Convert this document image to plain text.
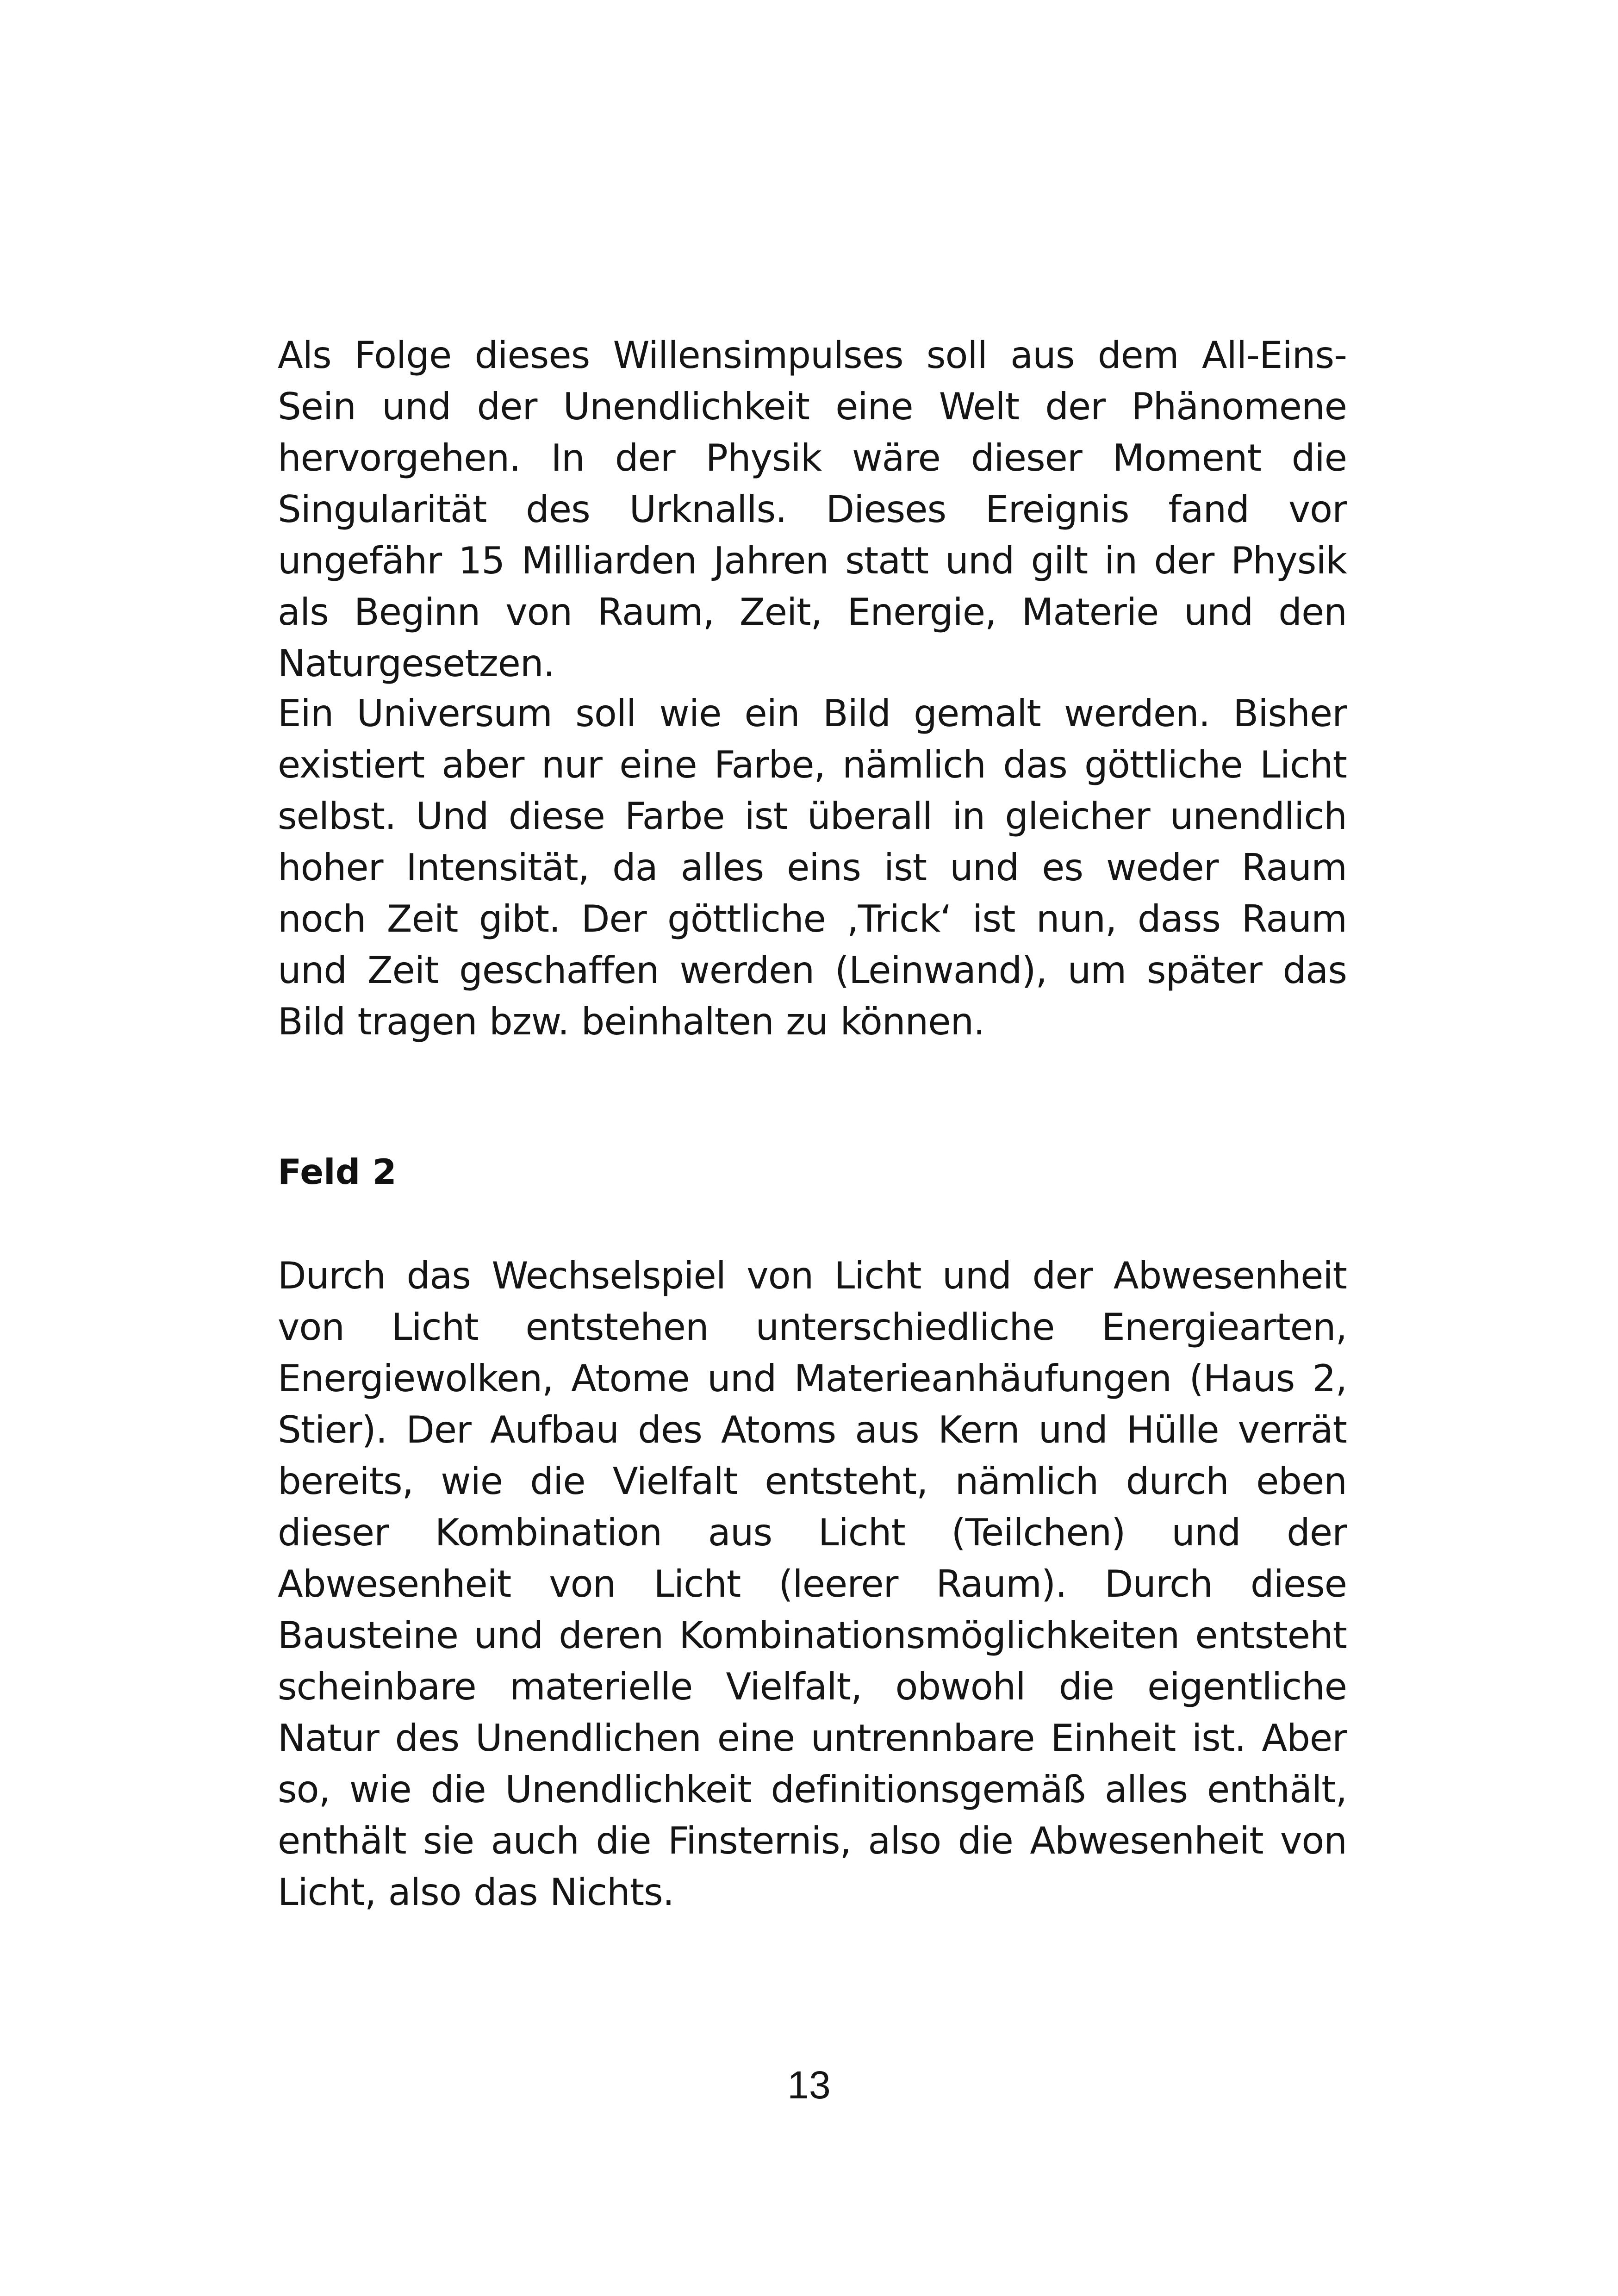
Als Folge dieses Willensimpulses soll aus dem All-Eins-Sein und der Unendlichkeit eine Welt der Phänomene hervorgehen. In der Physik wäre dieser Moment die Singularität des Urknalls. Dieses Ereignis fand vor ungefähr 15 Milliarden Jahren statt und gilt in der Physik als Beginn von Raum, Zeit, Energie, Materie und den Naturgesetzen.

Ein Universum soll wie ein Bild gemalt werden. Bisher existiert aber nur eine Farbe, nämlich das göttliche Licht selbst. Und diese Farbe ist überall in gleicher unendlich hoher Intensität, da alles eins ist und es weder Raum noch Zeit gibt. Der göttliche ‚Trick‘ ist nun, dass Raum und Zeit geschaffen werden (Leinwand), um später das Bild tragen bzw. beinhalten zu können.

Feld 2

Durch das Wechselspiel von Licht und der Abwesenheit von Licht entstehen unterschiedliche Energiearten, Energiewolken, Atome und Materieanhäufungen (Haus 2, Stier). Der Aufbau des Atoms aus Kern und Hülle verrät bereits, wie die Vielfalt entsteht, nämlich durch eben dieser Kombination aus Licht (Teilchen) und der Abwesenheit von Licht (leerer Raum). Durch diese Bausteine und deren Kombinationsmöglichkeiten entsteht scheinbare materielle Vielfalt, obwohl die eigentliche Natur des Unendlichen eine untrennbare Einheit ist. Aber so, wie die Unendlichkeit definitionsgemäß alles enthält, enthält sie auch die Finsternis, also die Abwesenheit von Licht, also das Nichts.

13
